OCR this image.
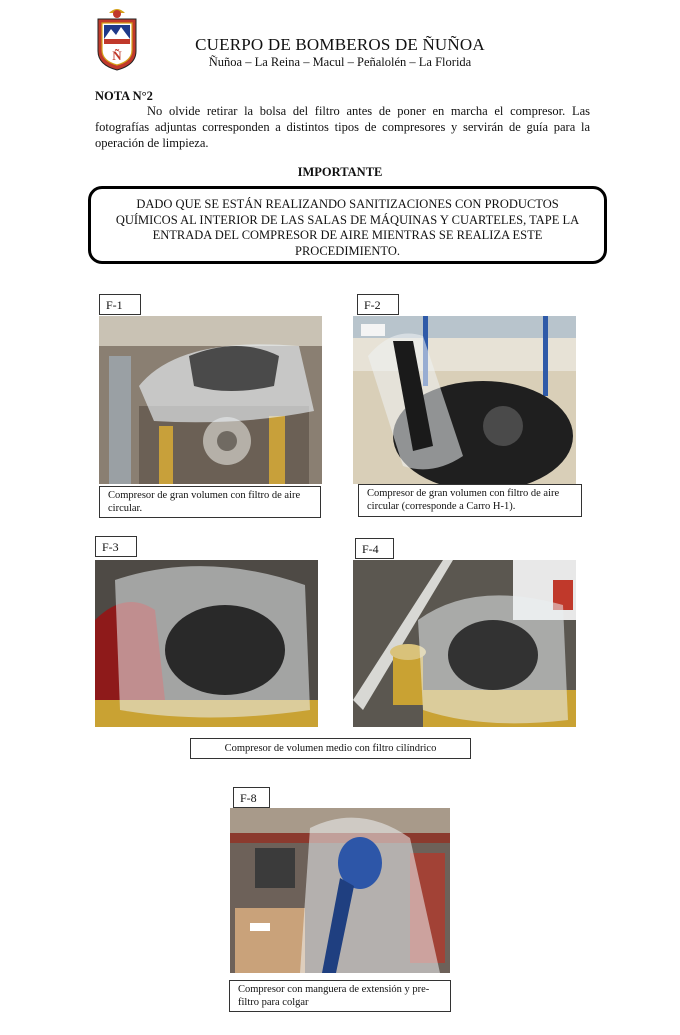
Ñ
CUERPO DE BOMBEROS DE ÑUÑOA
Ñuñoa – La Reina – Macul – Peñalolén – La Florida
NOTA N°2
No olvide retirar la bolsa del filtro antes de poner en marcha el compresor. Las fotografías adjuntas corresponden a distintos tipos de compresores y servirán de guía para la operación de limpieza.
IMPORTANTE
DADO QUE SE ESTÁN REALIZANDO SANITIZACIONES CON PRODUCTOS QUÍMICOS AL INTERIOR DE LAS SALAS DE MÁQUINAS Y CUARTELES, TAPE LA ENTRADA DEL COMPRESOR DE AIRE MIENTRAS SE REALIZA ESTE PROCEDIMIENTO.
F-1
Compresor de gran volumen con filtro de aire circular.
F-2
Compresor de gran volumen con filtro de aire circular (corresponde a Carro H-1).
F-3	F-4
Compresor de volumen medio con filtro cilíndrico
F-8
Compresor con manguera de extensión y pre-filtro para colgar
